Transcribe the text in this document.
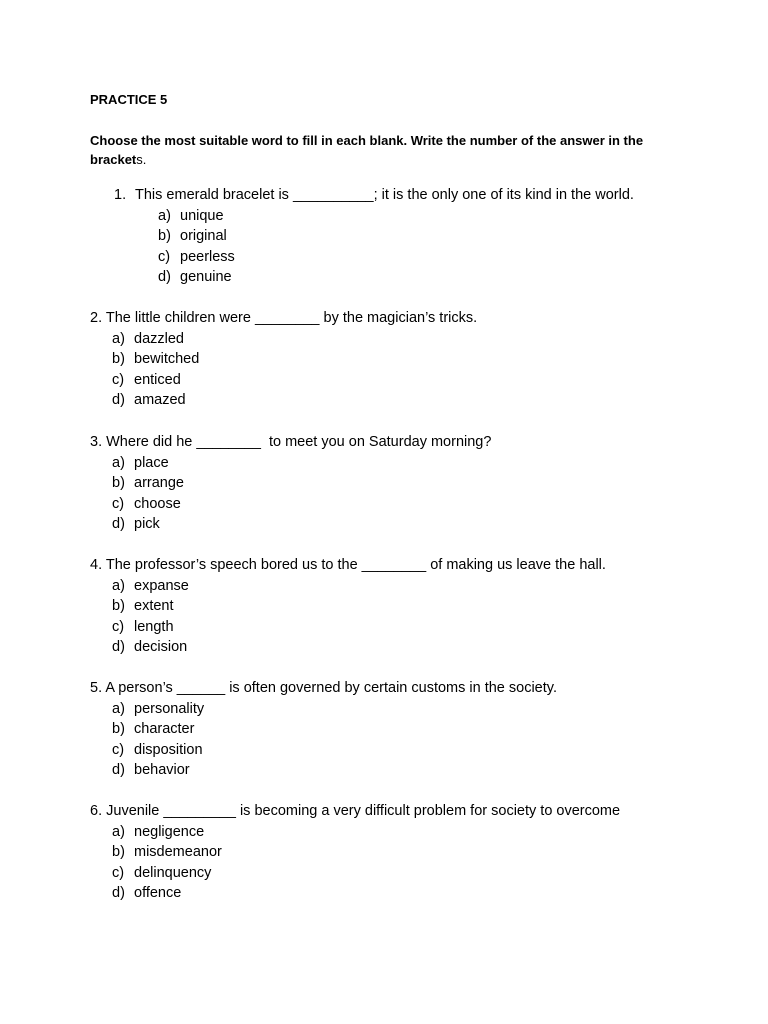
PRACTICE 5

Choose the most suitable word to fill in each blank. Write the number of the answer in the brackets.

1. This emerald bracelet is __________; it is the only one of its kind in the world.
a) unique
b) original
c) peerless
d) genuine
2. The little children were ________ by the magician’s tricks.
a) dazzled
b) bewitched
c) enticed
d) amazed
3. Where did he ________  to meet you on Saturday morning?
a) place
b) arrange
c) choose
d) pick
4. The professor’s speech bored us to the ________ of making us leave the hall.
a) expanse
b) extent
c) length
d) decision
5. A person’s ______ is often governed by certain customs in the society.
a) personality
b) character
c) disposition
d) behavior
6. Juvenile _________ is becoming a very difficult problem for society to overcome
a) negligence
b) misdemeanor
c) delinquency
d) offence
